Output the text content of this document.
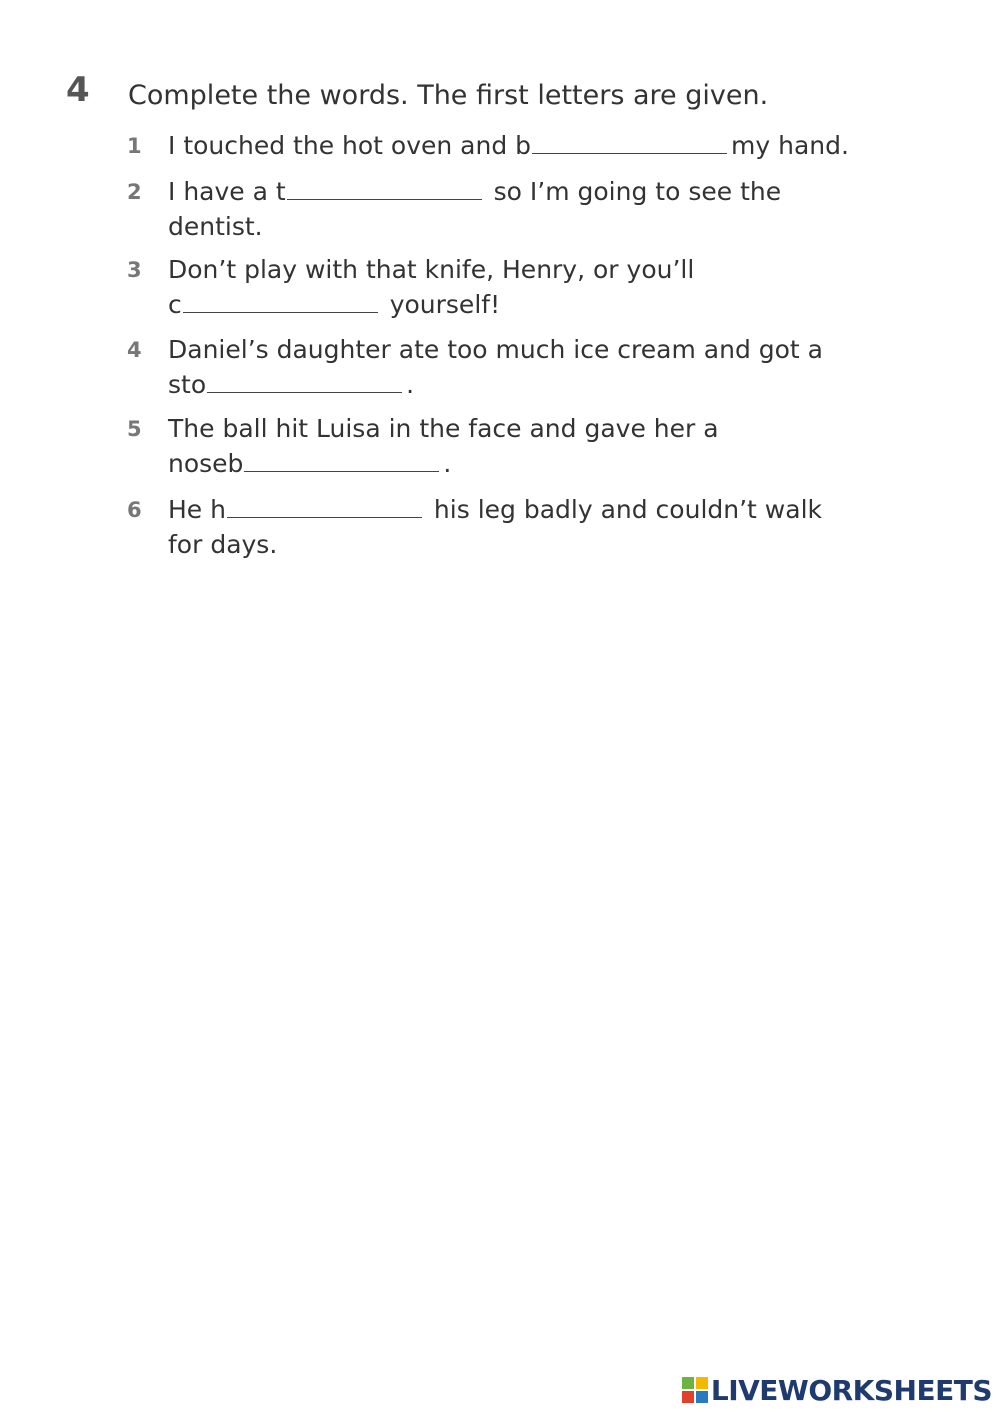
4 Complete the words. The first letters are given.
1 I touched the hot oven and b	my hand.
2 I have a t	so I’m going to see the
dentist.
3 Don’t play with that knife, Henry, or you’ll
c	yourself!
4 Daniel’s daughter ate too much ice cream and got a
sto	.
5 The ball hit Luisa in the face and gave her a
noseb	.
6 He h	his leg badly and couldn’t walk
for days.
LIVEWORKSHEETS
